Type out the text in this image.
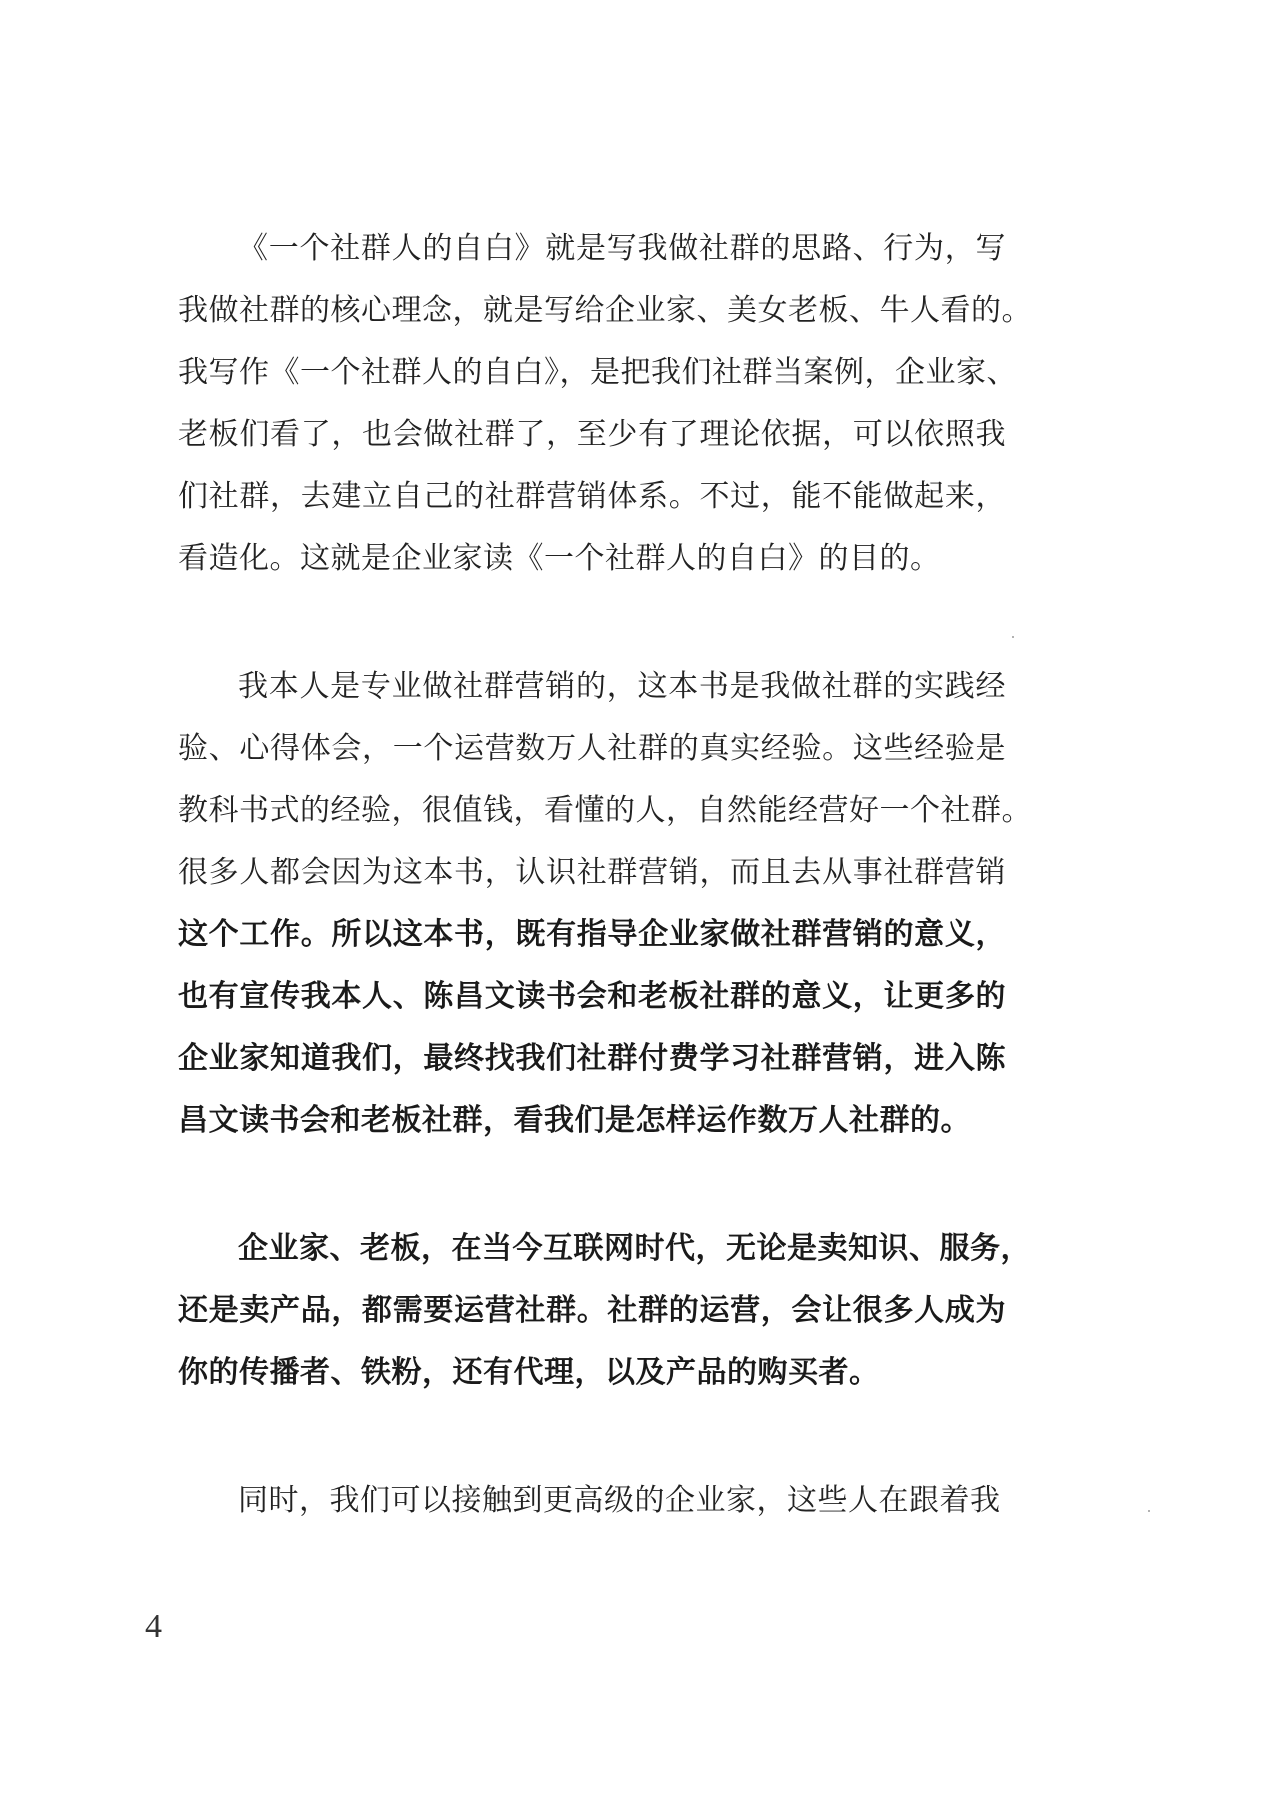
《一个社群人的自白》就是写我做社群的思路、行为，写
我做社群的核心理念，就是写给企业家、美女老板、牛人看的。
我写作《一个社群人的自白》，是把我们社群当案例，企业家、
老板们看了，也会做社群了，至少有了理论依据，可以依照我
们社群，去建立自己的社群营销体系。不过，能不能做起来，
看造化。这就是企业家读《一个社群人的自白》的目的。
我本人是专业做社群营销的，这本书是我做社群的实践经
验、心得体会，一个运营数万人社群的真实经验。这些经验是
教科书式的经验，很值钱，看懂的人，自然能经营好一个社群。
很多人都会因为这本书，认识社群营销，而且去从事社群营销
这个工作。所以这本书，既有指导企业家做社群营销的意义，
也有宣传我本人、陈昌文读书会和老板社群的意义，让更多的
企业家知道我们，最终找我们社群付费学习社群营销，进入陈
昌文读书会和老板社群，看我们是怎样运作数万人社群的。
企业家、老板，在当今互联网时代，无论是卖知识、服务，
还是卖产品，都需要运营社群。社群的运营，会让很多人成为
你的传播者、铁粉，还有代理，以及产品的购买者。
同时，我们可以接触到更高级的企业家，这些人在跟着我
4
